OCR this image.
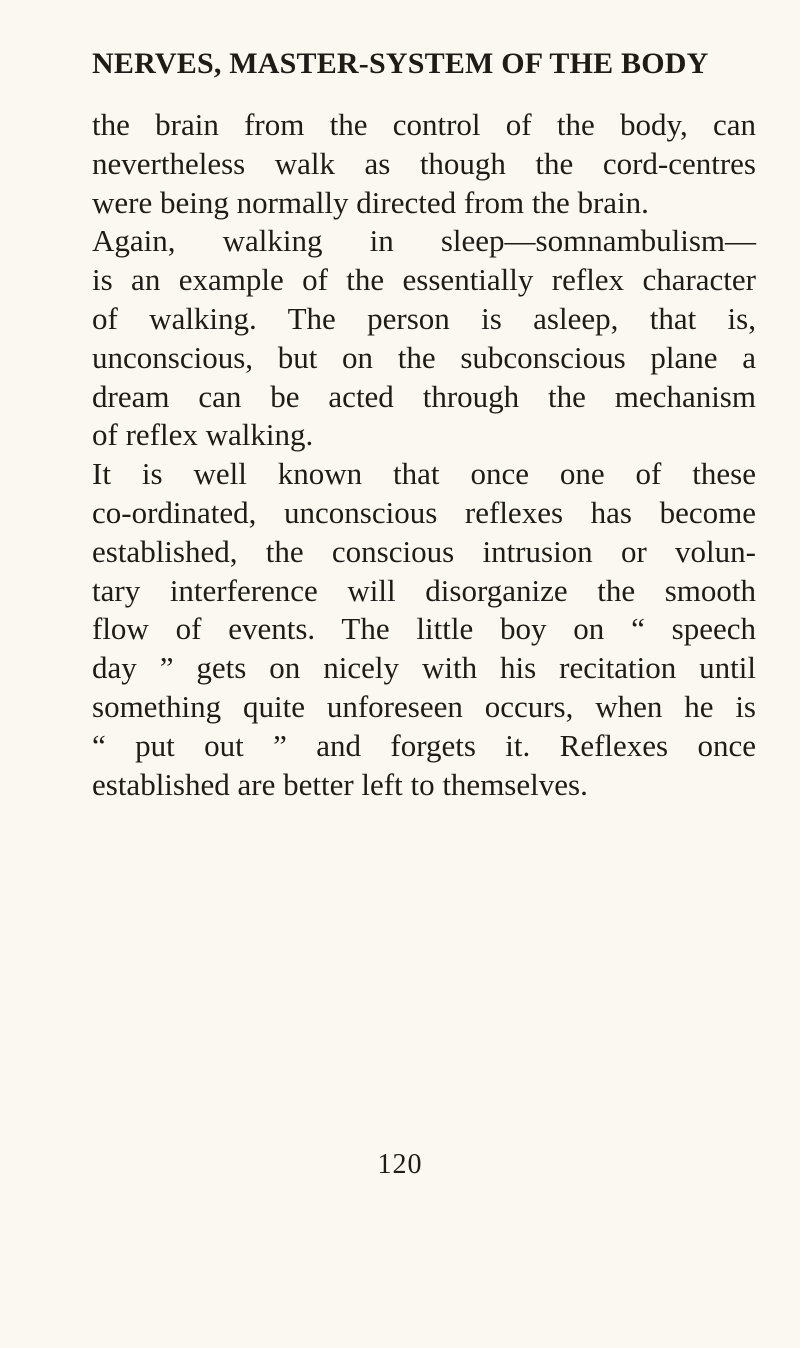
NERVES, MASTER-SYSTEM OF THE BODY
the brain from the control of the body, can
nevertheless walk as though the cord-centres
were being normally directed from the brain.
Again, walking in sleep—somnambulism—
is an example of the essentially reflex character
of walking. The person is asleep, that is,
unconscious, but on the subconscious plane a
dream can be acted through the mechanism
of reflex walking.
It is well known that once one of these
co-ordinated, unconscious reflexes has become
established, the conscious intrusion or volun-
tary interference will disorganize the smooth
flow of events. The little boy on “ speech
day ” gets on nicely with his recitation until
something quite unforeseen occurs, when he is
“ put out ” and forgets it. Reflexes once
established are better left to themselves.
120
